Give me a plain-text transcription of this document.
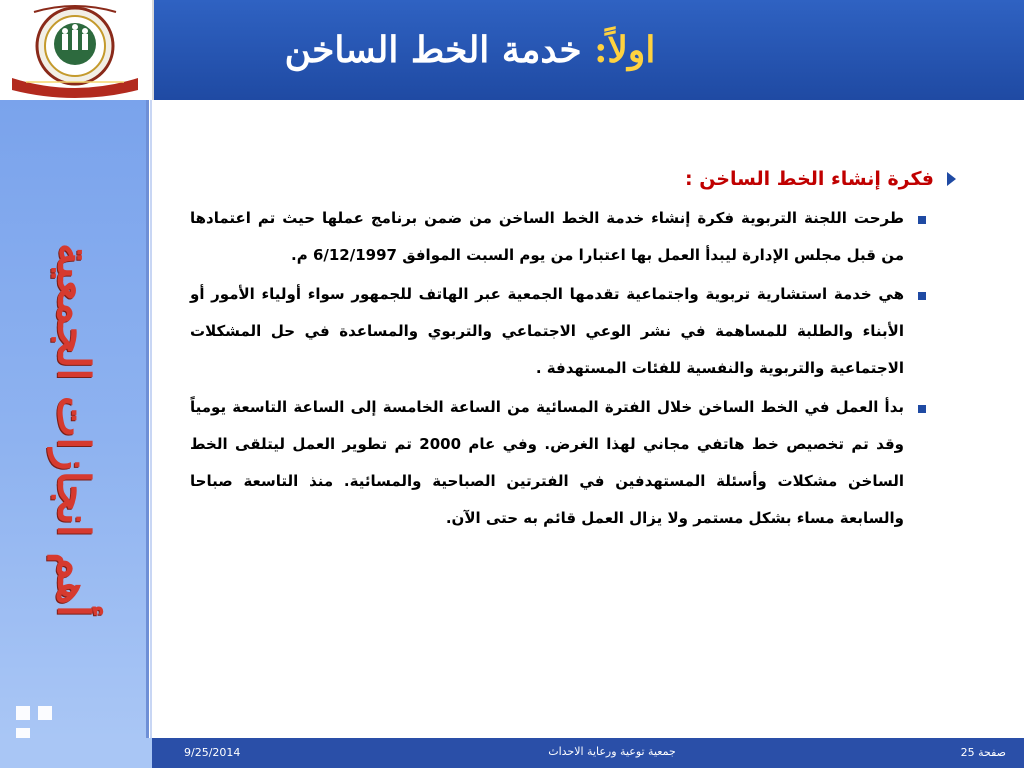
اولاً: خدمة الخط الساخن
أهم انجازات الجمعية
فكرة إنشاء الخط الساخن :
طرحت اللجنة التربوية فكرة إنشاء خدمة الخط الساخن من ضمن برنامج عملها حيث تم اعتمادها من قبل مجلس الإدارة ليبدأ العمل بها اعتبارا من يوم السبت الموافق 6/12/1997 م.
هي خدمة استشارية تربوية واجتماعية تقدمها الجمعية عبر الهاتف للجمهور سواء أولياء الأمور أو الأبناء والطلبة للمساهمة في نشر الوعي الاجتماعي والتربوي والمساعدة في حل المشكلات الاجتماعية والتربوية والنفسية للفئات المستهدفة .
بدأ العمل في الخط الساخن خلال الفترة المسائية من الساعة الخامسة إلى الساعة التاسعة يومياً وقد تم تخصيص خط هاتفي مجاني لهذا الغرض. وفي عام 2000 تم تطوير العمل ليتلقى الخط الساخن مشكلات وأسئلة المستهدفين في الفترتين الصباحية والمسائية. منذ التاسعة صباحا والسابعة مساء بشكل مستمر ولا يزال العمل قائم به حتى الآن.
9/25/2014	جمعية توعية ورعاية الاحداث	صفحة 25
